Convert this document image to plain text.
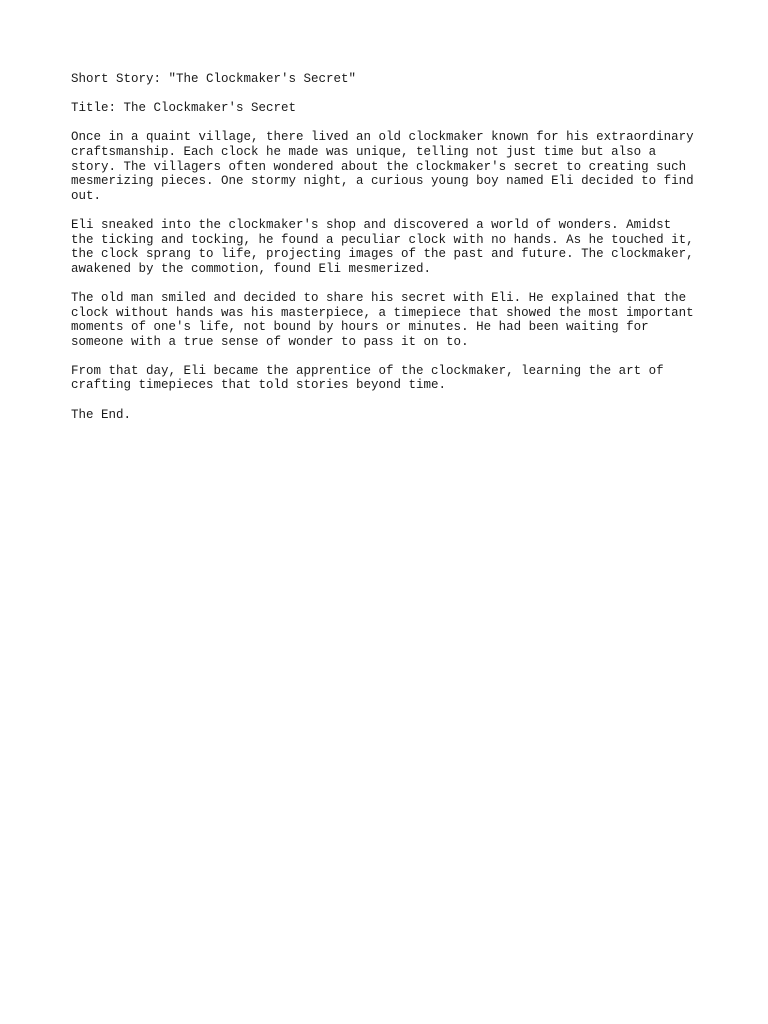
Short Story: "The Clockmaker's Secret"
Title: The Clockmaker's Secret
Once in a quaint village, there lived an old clockmaker known for his extraordinary
craftsmanship. Each clock he made was unique, telling not just time but also a
story. The villagers often wondered about the clockmaker's secret to creating such
mesmerizing pieces. One stormy night, a curious young boy named Eli decided to find
out.
Eli sneaked into the clockmaker's shop and discovered a world of wonders. Amidst
the ticking and tocking, he found a peculiar clock with no hands. As he touched it,
the clock sprang to life, projecting images of the past and future. The clockmaker,
awakened by the commotion, found Eli mesmerized.
The old man smiled and decided to share his secret with Eli. He explained that the
clock without hands was his masterpiece, a timepiece that showed the most important
moments of one's life, not bound by hours or minutes. He had been waiting for
someone with a true sense of wonder to pass it on to.
From that day, Eli became the apprentice of the clockmaker, learning the art of
crafting timepieces that told stories beyond time.
The End.
